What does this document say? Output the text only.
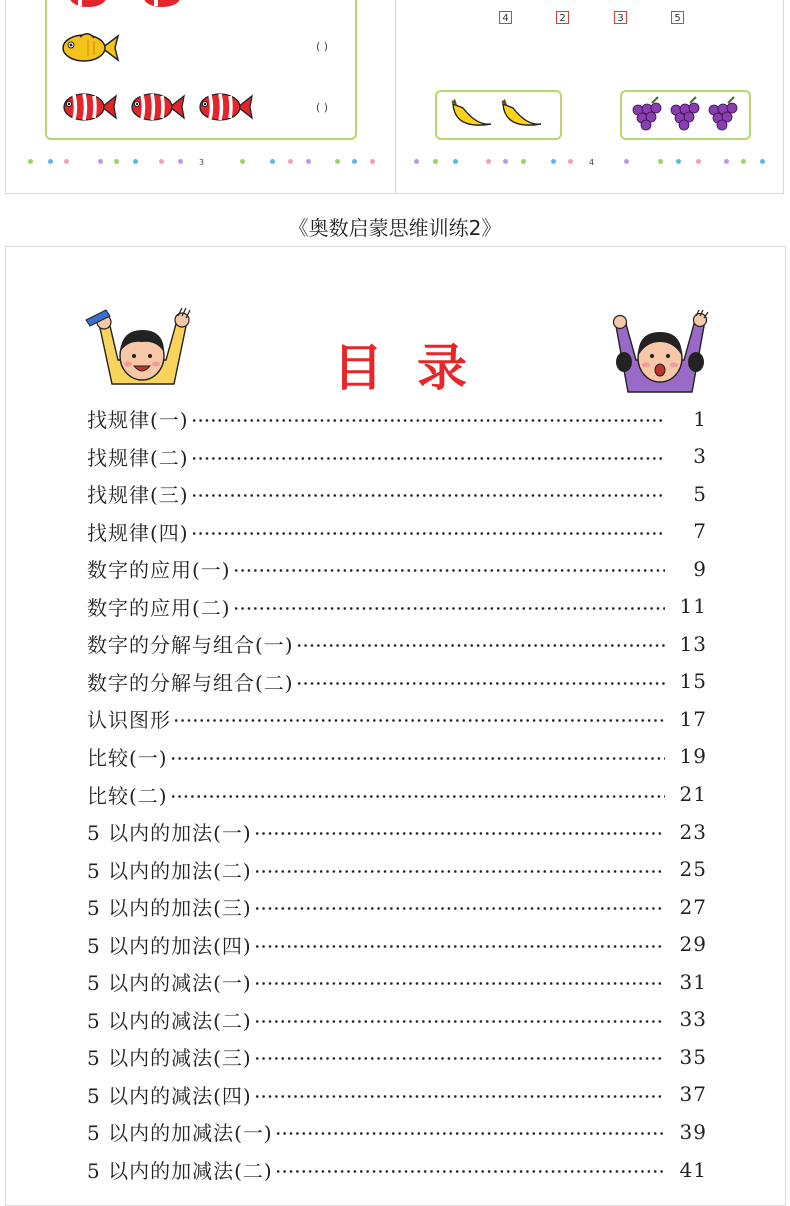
( )
( )
3
4	2	3	5
4
《奥数启蒙思维训练2》
目录
找规律(一)	1
找规律(二)	3
找规律(三)	5
找规律(四)	7
数字的应用(一)	9
数字的应用(二)	11
数字的分解与组合(一)	13
数字的分解与组合(二)	15
认识图形	17
比较(一)	19
比较(二)	21
5 以内的加法(一)	23
5 以内的加法(二)	25
5 以内的加法(三)	27
5 以内的加法(四)	29
5 以内的减法(一)	31
5 以内的减法(二)	33
5 以内的减法(三)	35
5 以内的减法(四)	37
5 以内的加减法(一)	39
5 以内的加减法(二)	41
